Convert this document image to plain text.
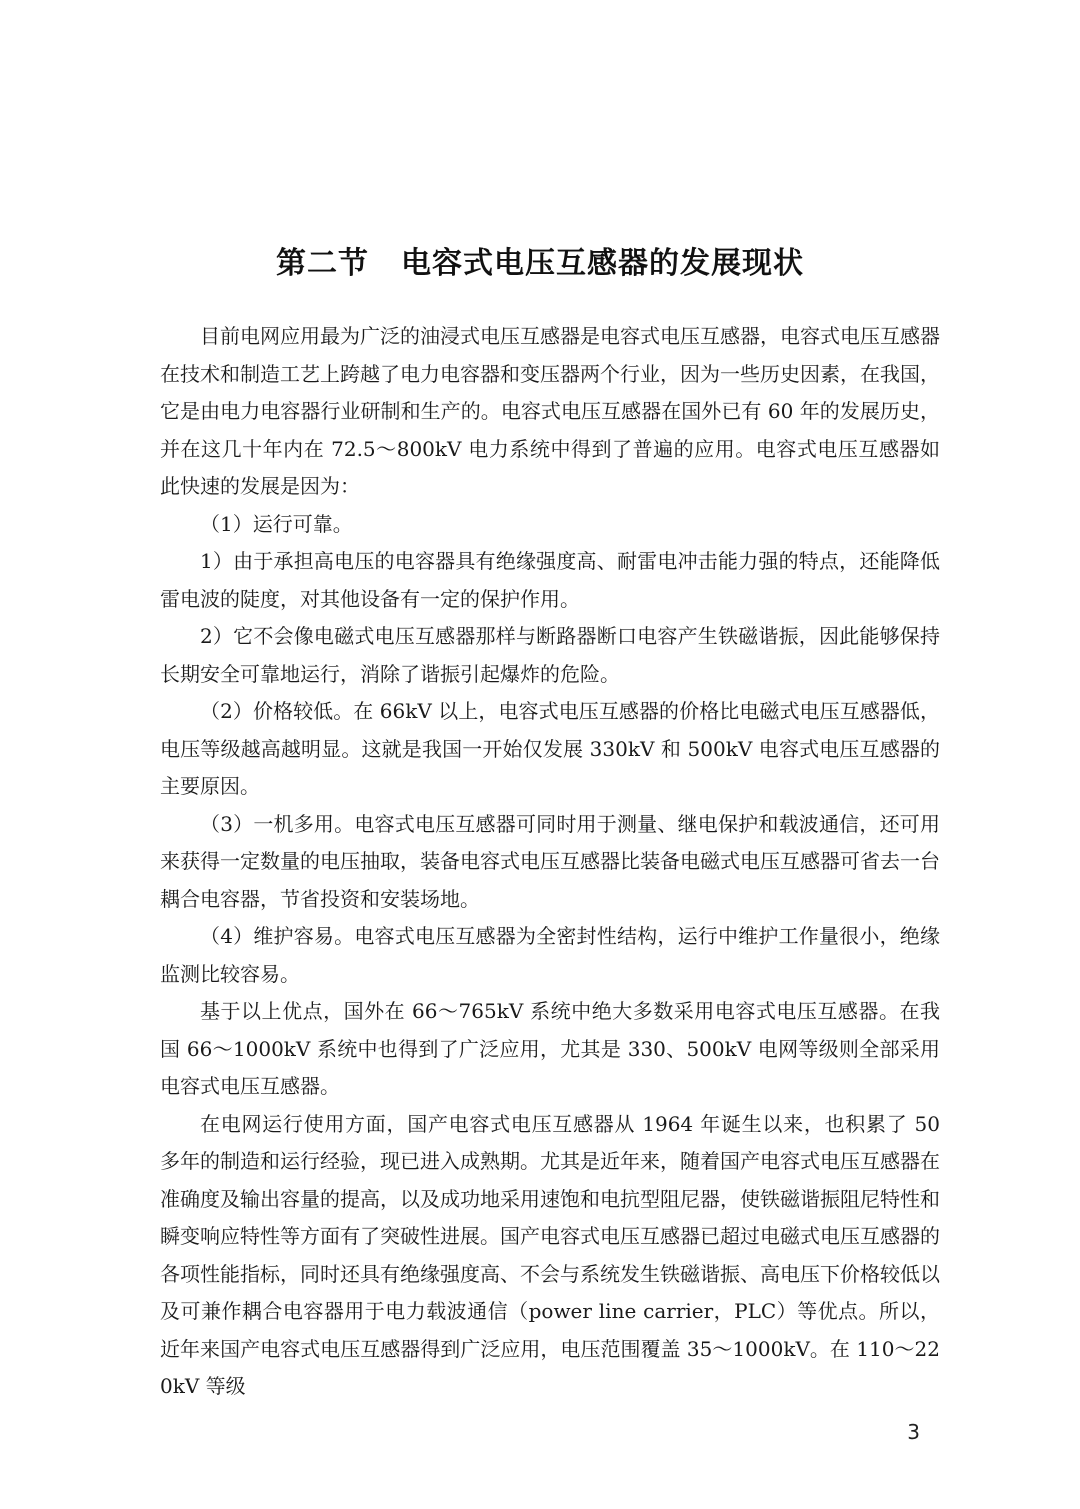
第二节 电容式电压互感器的发展现状

目前电网应用最为广泛的油浸式电压互感器是电容式电压互感器，电容式电压互感器在技术和制造工艺上跨越了电力电容器和变压器两个行业，因为一些历史因素，在我国，它是由电力电容器行业研制和生产的。电容式电压互感器在国外已有 60 年的发展历史，并在这几十年内在 72.5～800kV 电力系统中得到了普遍的应用。电容式电压互感器如此快速的发展是因为：

（1）运行可靠。

1）由于承担高电压的电容器具有绝缘强度高、耐雷电冲击能力强的特点，还能降低雷电波的陡度，对其他设备有一定的保护作用。

2）它不会像电磁式电压互感器那样与断路器断口电容产生铁磁谐振，因此能够保持长期安全可靠地运行，消除了谐振引起爆炸的危险。

（2）价格较低。在 66kV 以上，电容式电压互感器的价格比电磁式电压互感器低，电压等级越高越明显。这就是我国一开始仅发展 330kV 和 500kV 电容式电压互感器的主要原因。

（3）一机多用。电容式电压互感器可同时用于测量、继电保护和载波通信，还可用来获得一定数量的电压抽取，装备电容式电压互感器比装备电磁式电压互感器可省去一台耦合电容器，节省投资和安装场地。

（4）维护容易。电容式电压互感器为全密封性结构，运行中维护工作量很小，绝缘监测比较容易。

基于以上优点，国外在 66～765kV 系统中绝大多数采用电容式电压互感器。在我国 66～1000kV 系统中也得到了广泛应用，尤其是 330、500kV 电网等级则全部采用电容式电压互感器。

在电网运行使用方面，国产电容式电压互感器从 1964 年诞生以来，也积累了 50 多年的制造和运行经验，现已进入成熟期。尤其是近年来，随着国产电容式电压互感器在准确度及输出容量的提高，以及成功地采用速饱和电抗型阻尼器，使铁磁谐振阻尼特性和瞬变响应特性等方面有了突破性进展。国产电容式电压互感器已超过电磁式电压互感器的各项性能指标，同时还具有绝缘强度高、不会与系统发生铁磁谐振、高电压下价格较低以及可兼作耦合电容器用于电力载波通信（power line carrier，PLC）等优点。所以，近年来国产电容式电压互感器得到广泛应用，电压范围覆盖 35～1000kV。在 110～220kV 等级

3
